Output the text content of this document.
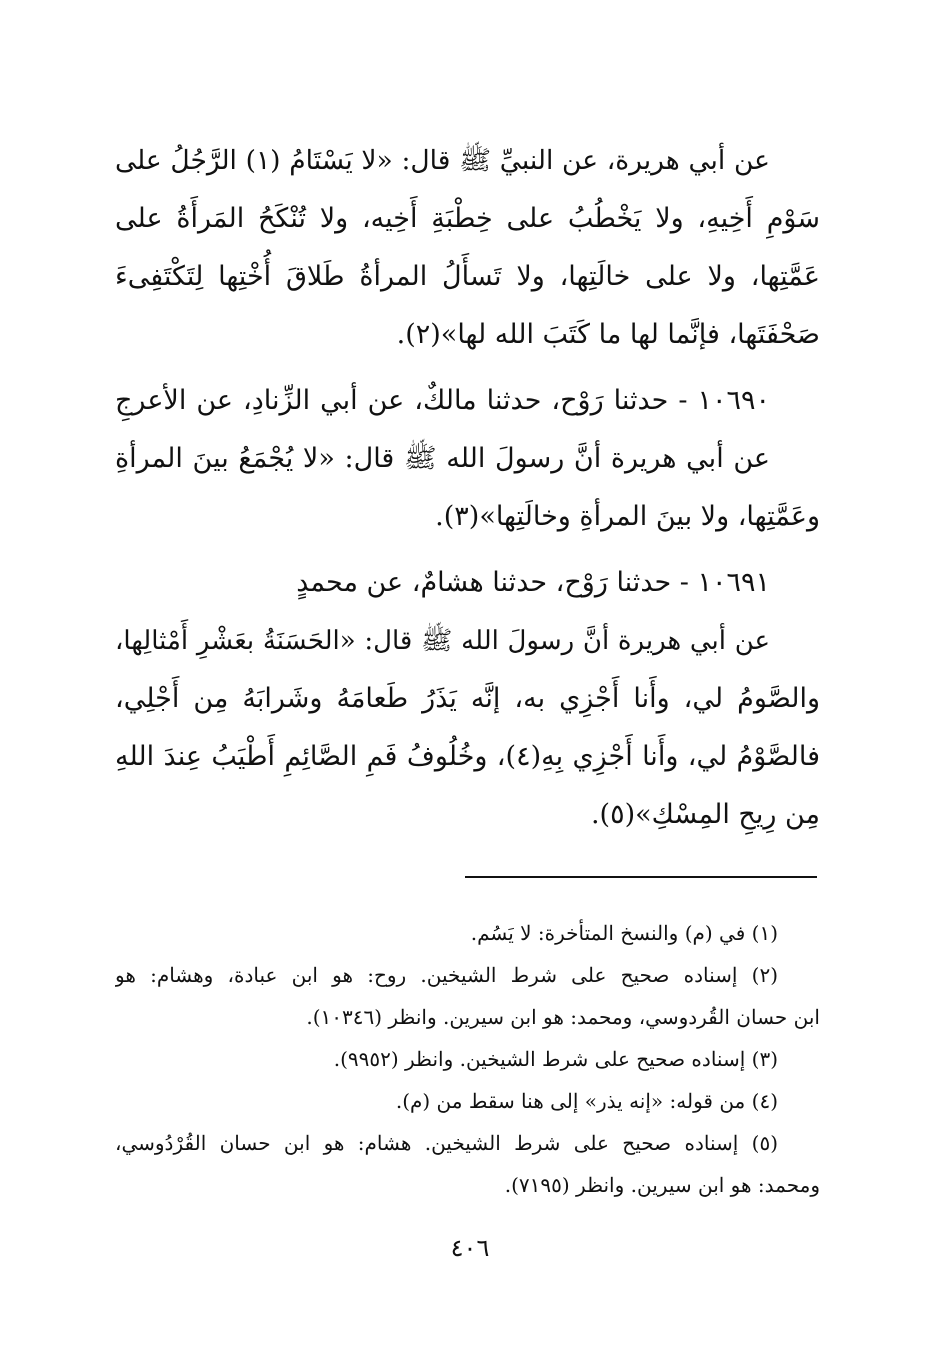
عن أبي هريرة، عن النبيِّ ﷺ قال: «لا يَسْتَامُ (١) الرَّجُلُ على
سَوْمِ أَخِيهِ، ولا يَخْطُبُ على خِطْبَةِ أَخِيه، ولا تُنْكَحُ المَرأَةُ على
عَمَّتِها، ولا على خالَتِها، ولا تَسأَلُ المرأةُ طَلاقَ أُخْتِها لِتَكْتَفِىءَ
صَحْفَتَها، فإنَّما لها ما كَتَبَ الله لها»(٢).
١٠٦٩٠ - حدثنا رَوْح، حدثنا مالكٌ، عن أبي الزِّنادِ، عن الأعرجِ
عن أبي هريرة أنَّ رسولَ الله ﷺ قال: «لا يُجْمَعُ بينَ المرأةِ
وعَمَّتِها، ولا بينَ المرأةِ وخالَتِها»(٣).
١٠٦٩١ - حدثنا رَوْح، حدثنا هشامٌ، عن محمدٍ
عن أبي هريرة أنَّ رسولَ الله ﷺ قال: «الحَسَنَةُ بعَشْرِ أَمْثالِها،
والصَّومُ لي، وأَنا أَجْزِي به، إنَّه يَذَرُ طَعامَهُ وشَرابَهُ مِن أَجْلِي،
فالصَّوْمُ لي، وأَنا أَجْزِي بِهِ(٤)، وخُلُوفُ فَمِ الصَّائِمِ أَطْيَبُ عِندَ اللهِ
مِن رِيحِ المِسْكِ»(٥).
(١) في (م) والنسخ المتأخرة: لا يَسُم.
(٢) إسناده صحيح على شرط الشيخين. روح: هو ابن عبادة، وهشام: هو
ابن حسان القُردوسي، ومحمد: هو ابن سيرين. وانظر (١٠٣٤٦).
(٣) إسناده صحيح على شرط الشيخين. وانظر (٩٩٥٢).
(٤) من قوله: «إنه يذر» إلى هنا سقط من (م).
(٥) إسناده صحيح على شرط الشيخين. هشام: هو ابن حسان القُرْدُوسي،
ومحمد: هو ابن سيرين. وانظر (٧١٩٥).
٤٠٦
